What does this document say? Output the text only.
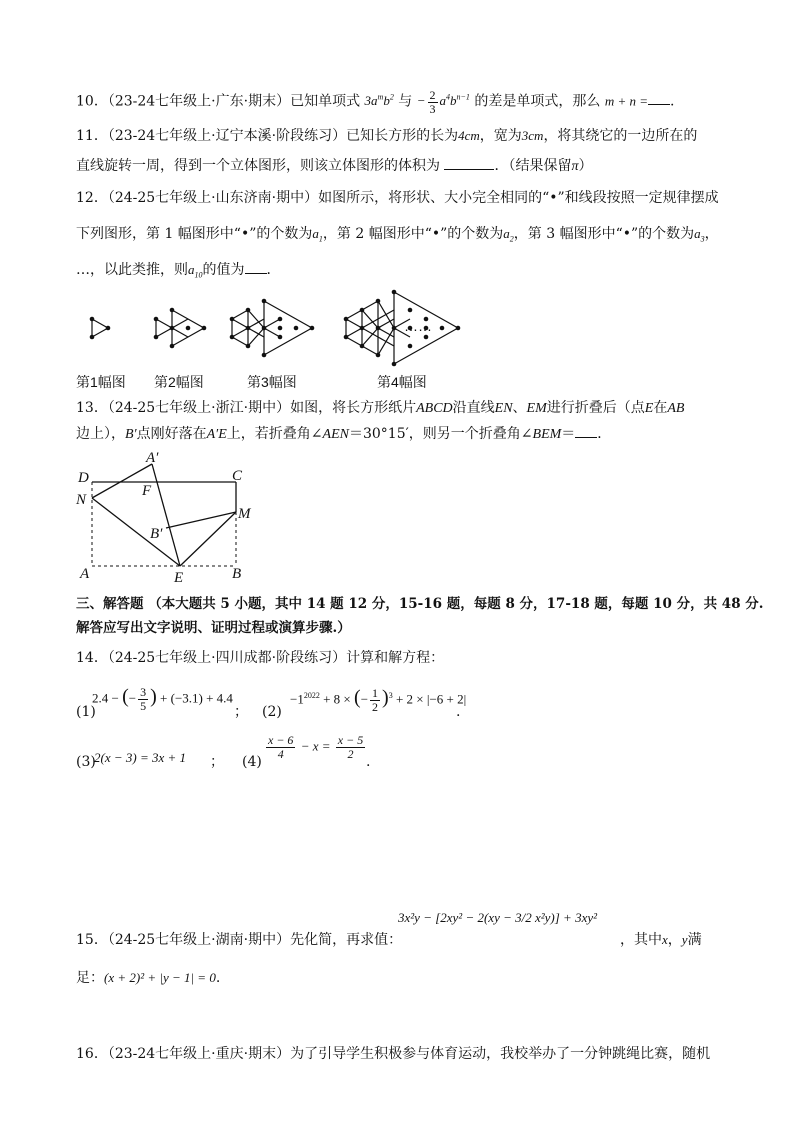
10．（23-24七年级上·广东·期末）已知单项式 $3a^mb^2$ 与 − $\frac{2}{3} a^4b^{n-1}$ 的差是单项式，那么 m + n = .
11．（23-24七年级上·辽宁本溪·阶段练习）已知长方形的长为4cm，宽为3cm，将其绕它的一边所在的
直线旋转一周，得到一个立体图形，则该立体图形的体积为	．（结果保留π）
12．（24-25七年级上·山东济南·期中）如图所示，将形状、大小完全相同的“•”和线段按照一定规律摆成
下列图形，第 1 幅图形中“•”的个数为$a_1$，第 2 幅图形中“•”的个数为$a_2$，第 3 幅图形中“•”的个数为$a_3$，
…，以此类推，则$a_{10}$的值为 ．
……
第1幅图 第2幅图	第3幅图	第4幅图
13．（24-25七年级上·浙江·期中）如图，将长方形纸片ABCD沿直线EN、EM进行折叠后（点E在AB
边上），B′点刚好落在A′E上，若折叠角∠AEN＝30°15′，则另一个折叠角∠BEM＝ ．
D
A′
C
N
F
M
B′
A	E	B
三、解答题 （本大题共 5 小题，其中 14 题 12 分，15-16 题，每题 8 分，17-18 题，每题 10 分，共 48 分.
解答应写出文字说明、证明过程或演算步骤.）
14．（24-25七年级上·四川成都·阶段练习）计算和解方程：
(1)
2.4 − (− $\frac{3}{5}$ ) + (−3.1) + 4.4
； (2)
$-1^{2022} + 8$ × (− $\frac{1}{2} )^3 + 2 \times |-6 + 2|$
.
(3)
2(x − 3) = 3x + 1 ； (4)
$\frac{x - 6}{4} - x = \frac{x - 5}{2}$
.
3x²y − [2xy² − 2(xy − 3/2 x²y)] + 3xy²
15．（24-25七年级上·湖南·期中）先化简，再求值：	，其中x，y满
足：(x + 2)² + |y − 1| = 0.
16．（23-24七年级上·重庆·期末）为了引导学生积极参与体育运动，我校举办了一分钟跳绳比赛，随机
